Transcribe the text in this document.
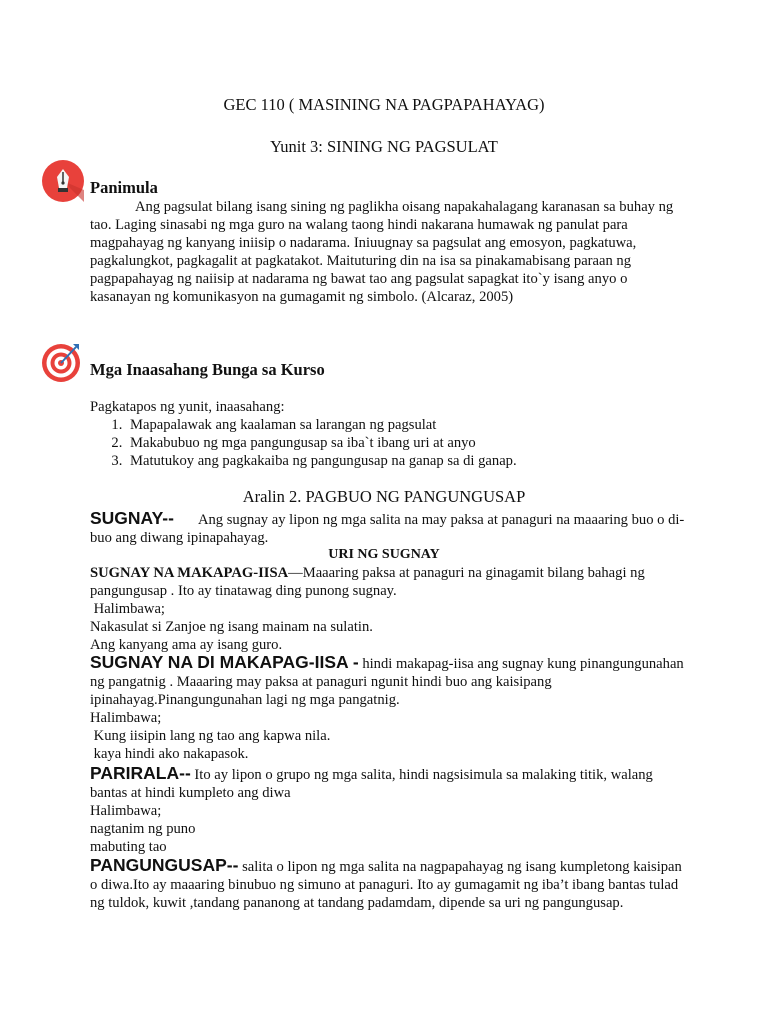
GEC 110 ( MASINING NA PAGPAPAHAYAG)
Yunit 3: SINING NG PAGSULAT
Panimula
Ang pagsulat bilang isang sining ng paglikha oisang napakahalagang karanasan sa buhay ng tao. Laging sinasabi ng mga guro na walang taong hindi nakarana humawak ng panulat para magpahayag ng kanyang iniisip o nadarama. Iniuugnay sa pagsulat ang emosyon, pagkatuwa, pagkalungkot, pagkagalit at pagkatakot. Maituturing din na isa sa pinakamabisang paraan ng pagpapahayag ng naiisip at nadarama ng bawat tao ang pagsulat sapagkat ito`y isang anyo o kasanayan ng komunikasyon na gumagamit ng simbolo. (Alcaraz, 2005)
Mga Inaasahang Bunga sa Kurso
Pagkatapos ng yunit, inaasahang:
1. Mapapalawak ang kaalaman sa larangan ng pagsulat
2. Makabubuo ng mga pangungusap sa iba`t ibang uri at anyo
3. Matutukoy ang pagkakaiba ng pangungusap na ganap sa di ganap.
Aralin 2. PAGBUO NG PANGUNGUSAP
SUGNAY-- Ang sugnay ay lipon ng mga salita na may paksa at panaguri na maaaring buo o di-buo ang diwang ipinapahayag.
URI NG SUGNAY
SUGNAY NA MAKAPAG-IISA—Maaaring paksa at panaguri na ginagamit bilang bahagi ng pangungusap . Ito ay tinatawag ding punong sugnay.
Halimbawa;
Nakasulat si Zanjoe ng isang mainam na sulatin.
Ang kanyang ama ay isang guro.
SUGNAY NA DI MAKAPAG-IISA - hindi makapag-iisa ang sugnay kung pinangungunahan ng pangatnig . Maaaring may paksa at panaguri ngunit hindi buo ang kaisipang ipinahayag.Pinangungunahan lagi ng mga pangatnig.
Halimbawa;
Kung iisipin lang ng tao ang kapwa nila.
kaya hindi ako nakapasok.
PARIRALA-- Ito ay lipon o grupo ng mga salita, hindi nagsisimula sa malaking titik, walang bantas at hindi kumpleto ang diwa
Halimbawa;
nagtanim ng puno
mabuting tao
PANGUNGUSAP-- salita o lipon ng mga salita na nagpapahayag ng isang kumpletong kaisipan o diwa.Ito ay maaaring binubuo ng simuno at panaguri. Ito ay gumagamit ng iba’t ibang bantas tulad ng tuldok, kuwit ,tandang pananong at tandang padamdam, dipende sa uri ng pangungusap.
